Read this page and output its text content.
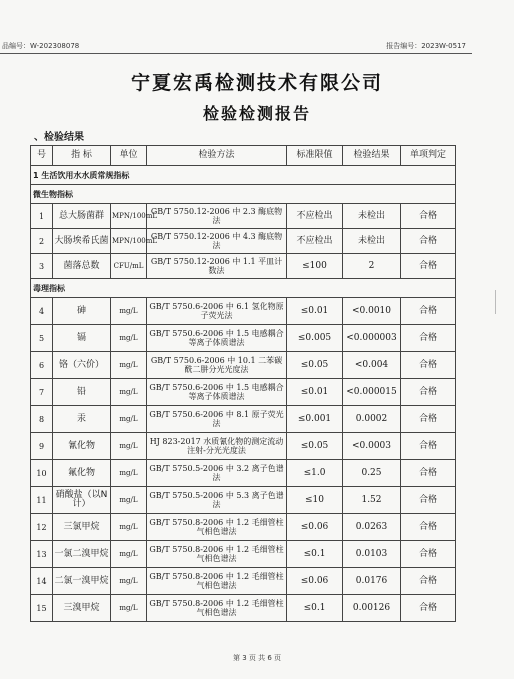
品编号：W-202308078	报告编号：2023W-0517
宁夏宏禹检测技术有限公司
检验检测报告
、检验结果
号	指 标	单位	检验方法	标准限值	检验结果	单项判定
1 生活饮用水水质常规指标						
微生物指标						
1	总大肠菌群	MPN/100mL	GB/T 5750.12-2006 中 2.3 酶底物法	不应检出	未检出	合格
2	大肠埃希氏菌	MPN/100mL	GB/T 5750.12-2006 中 4.3 酶底物法	不应检出	未检出	合格
3	菌落总数	CFU/mL	GB/T 5750.12-2006 中 1.1 平皿计数法	≤100	2	合格
毒理指标						
4	砷	mg/L	GB/T 5750.6-2006 中 6.1 氢化物原子荧光法	≤0.01	<0.0010	合格
5	镉	mg/L	GB/T 5750.6-2006 中 1.5 电感耦合等离子体质谱法	≤0.005	<0.000003	合格
6	铬（六价）	mg/L	GB/T 5750.6-2006 中 10.1 二苯碳酰二肼分光光度法	≤0.05	<0.004	合格
7	铅	mg/L	GB/T 5750.6-2006 中 1.5 电感耦合等离子体质谱法	≤0.01	<0.000015	合格
8	汞	mg/L	GB/T 5750.6-2006 中 8.1 原子荧光法	≤0.001	0.0002	合格
9	氰化物	mg/L	HJ 823-2017 水质氰化物的测定流动注射-分光光度法	≤0.05	<0.0003	合格
10	氟化物	mg/L	GB/T 5750.5-2006 中 3.2 离子色谱法	≤1.0	0.25	合格
11	硝酸盐（以N计）	mg/L	GB/T 5750.5-2006 中 5.3 离子色谱法	≤10	1.52	合格
12	三氯甲烷	mg/L	GB/T 5750.8-2006 中 1.2 毛细管柱气相色谱法	≤0.06	0.0263	合格
13	一氯二溴甲烷	mg/L	GB/T 5750.8-2006 中 1.2 毛细管柱气相色谱法	≤0.1	0.0103	合格
14	二氯一溴甲烷	mg/L	GB/T 5750.8-2006 中 1.2 毛细管柱气相色谱法	≤0.06	0.0176	合格
15	三溴甲烷	mg/L	GB/T 5750.8-2006 中 1.2 毛细管柱气相色谱法	≤0.1	0.00126	合格
第 3 页 共 6 页
